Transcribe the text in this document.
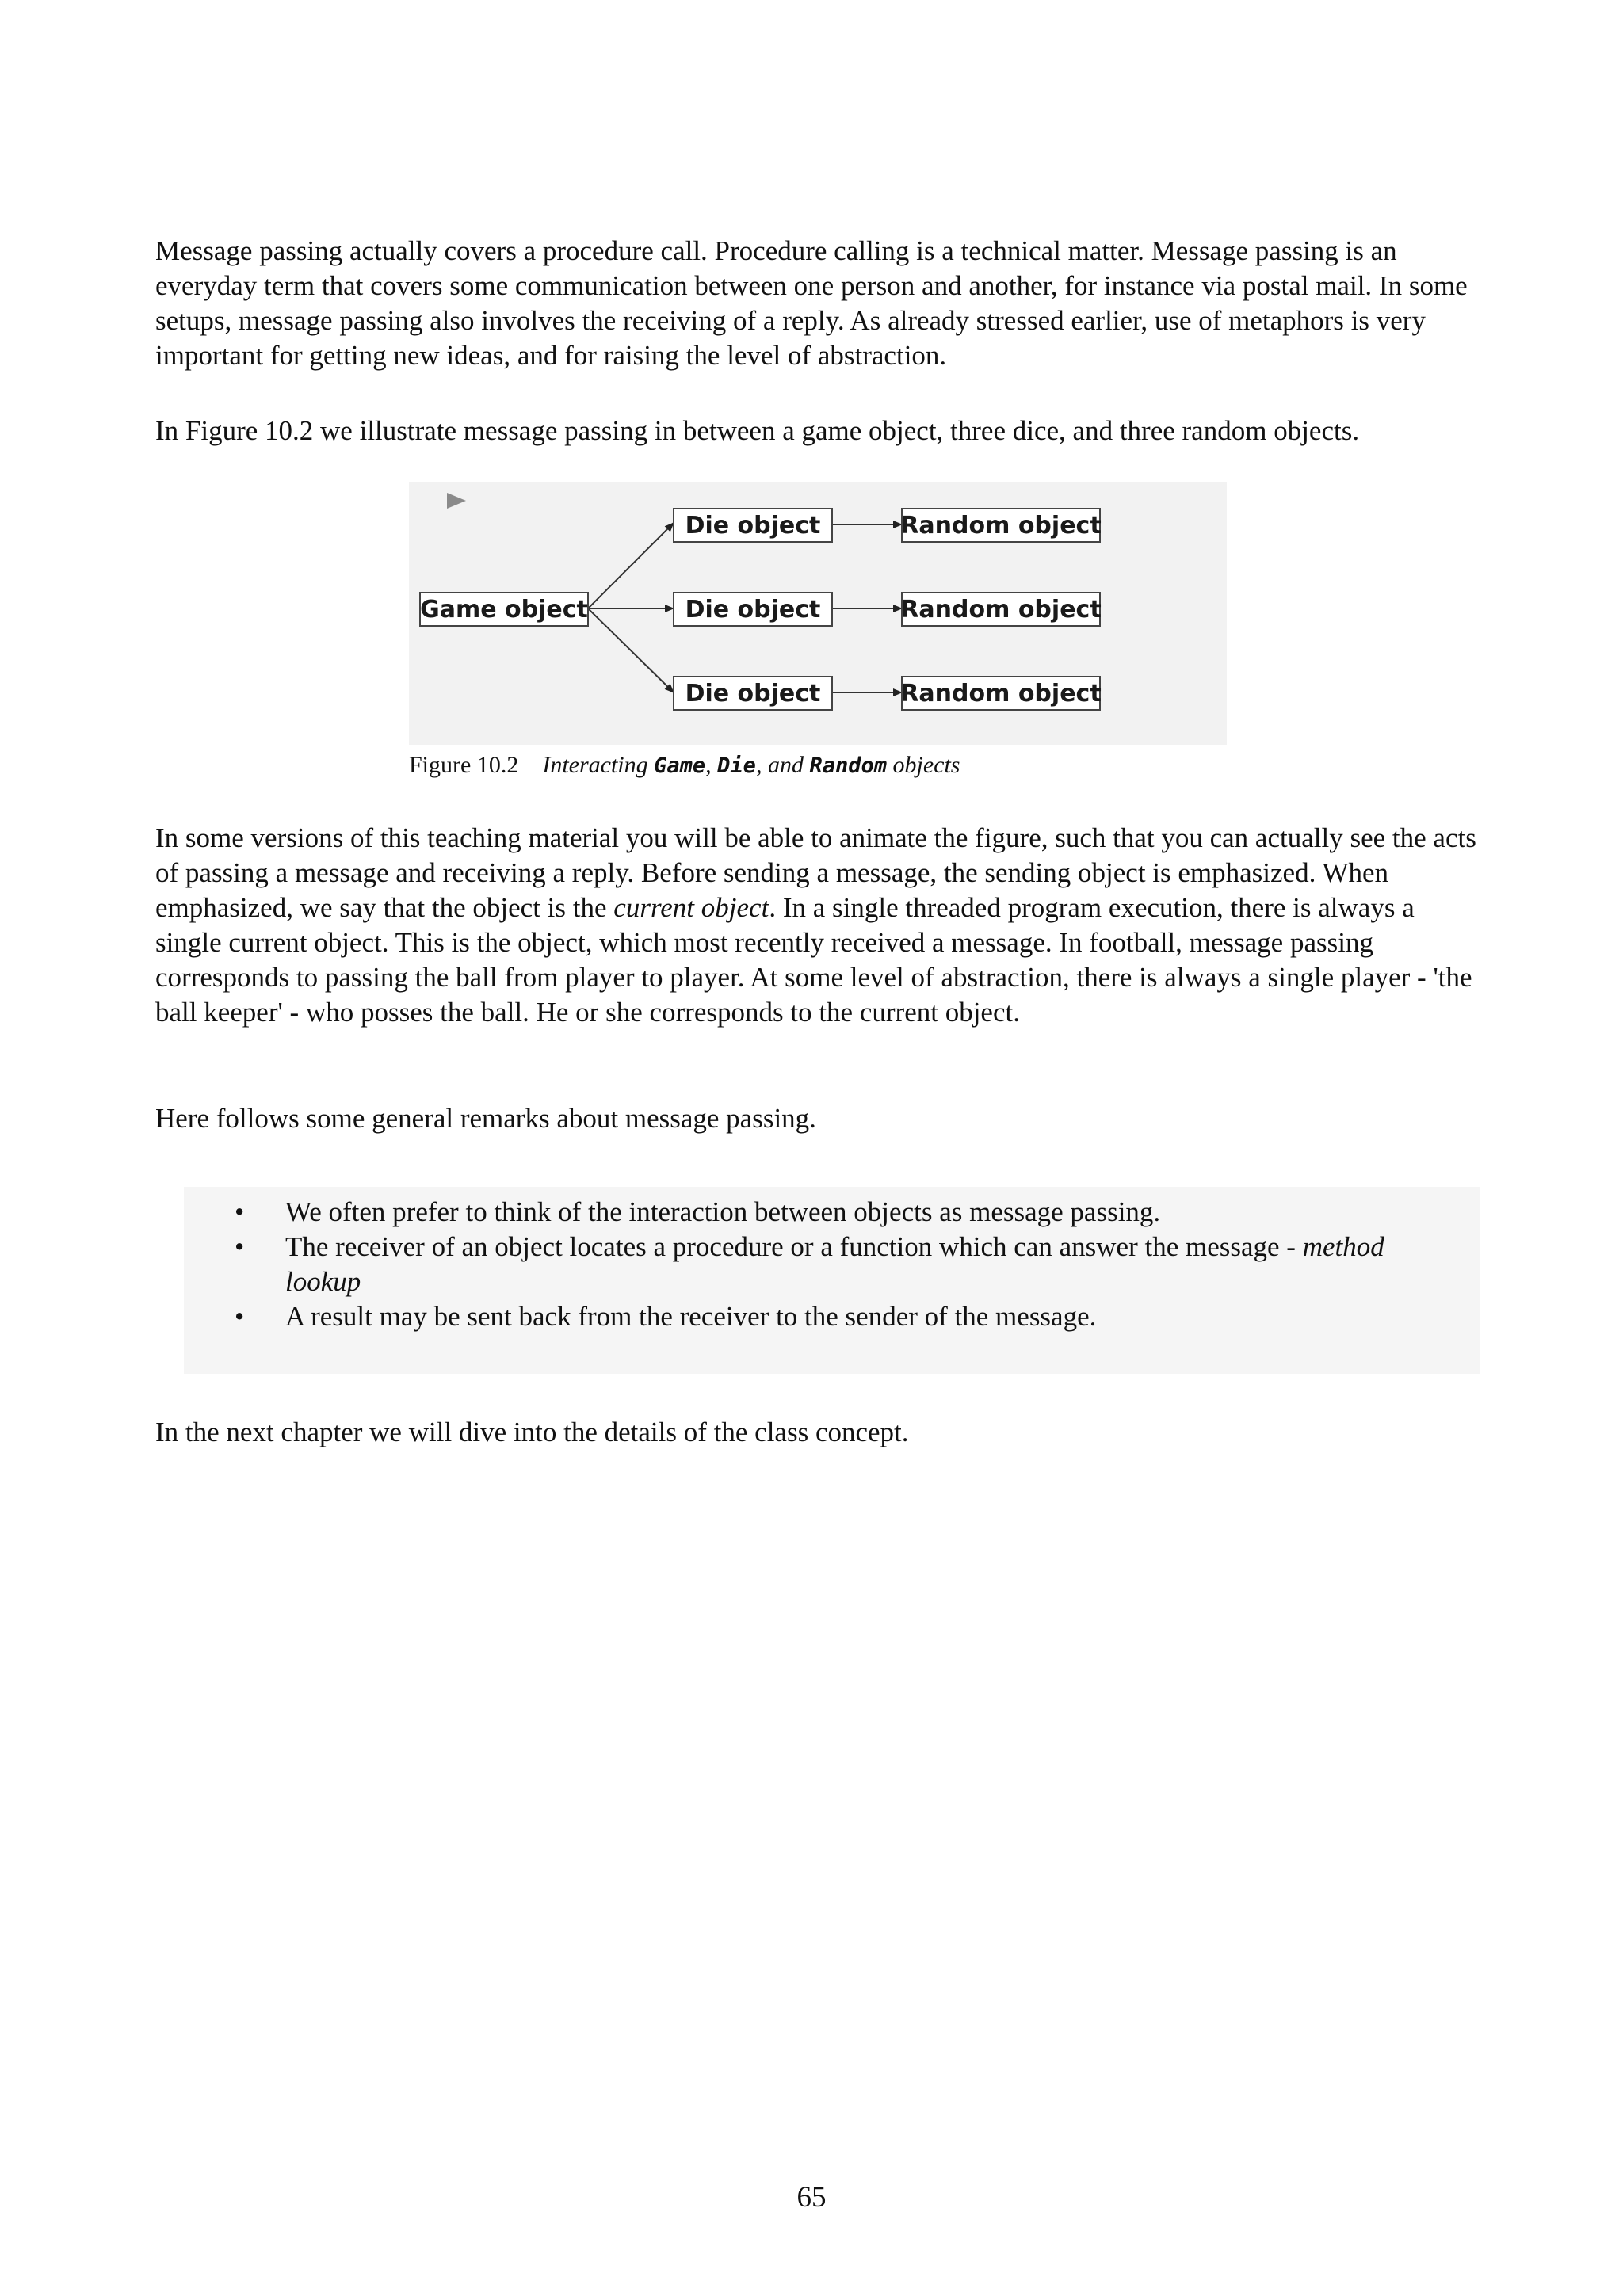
Message passing actually covers a procedure call. Procedure calling is a technical matter. Message passing is an everyday term that covers some communication between one person and another, for instance via postal mail. In some setups, message passing also involves the receiving of a reply. As already stressed earlier, use of metaphors is very important for getting new ideas, and for raising the level of abstraction.

In Figure 10.2 we illustrate message passing in between a game object, three dice, and three random objects.

Game object
Die object
Die object
Die object
Random object
Random object
Random object
Figure 10.2 Interacting Game, Die, and Random objects

In some versions of this teaching material you will be able to animate the figure, such that you can actually see the acts of passing a message and receiving a reply. Before sending a message, the sending object is emphasized. When emphasized, we say that the object is the current object. In a single threaded program execution, there is always a single current object. This is the object, which most recently received a message. In football, message passing corresponds to passing the ball from player to player. At some level of abstraction, there is always a single player - 'the ball keeper' - who posses the ball. He or she corresponds to the current object.

Here follows some general remarks about message passing.

• We often prefer to think of the interaction between objects as message passing.
• The receiver of an object locates a procedure or a function which can answer the message - method lookup
• A result may be sent back from the receiver to the sender of the message.

In the next chapter we will dive into the details of the class concept.

65
